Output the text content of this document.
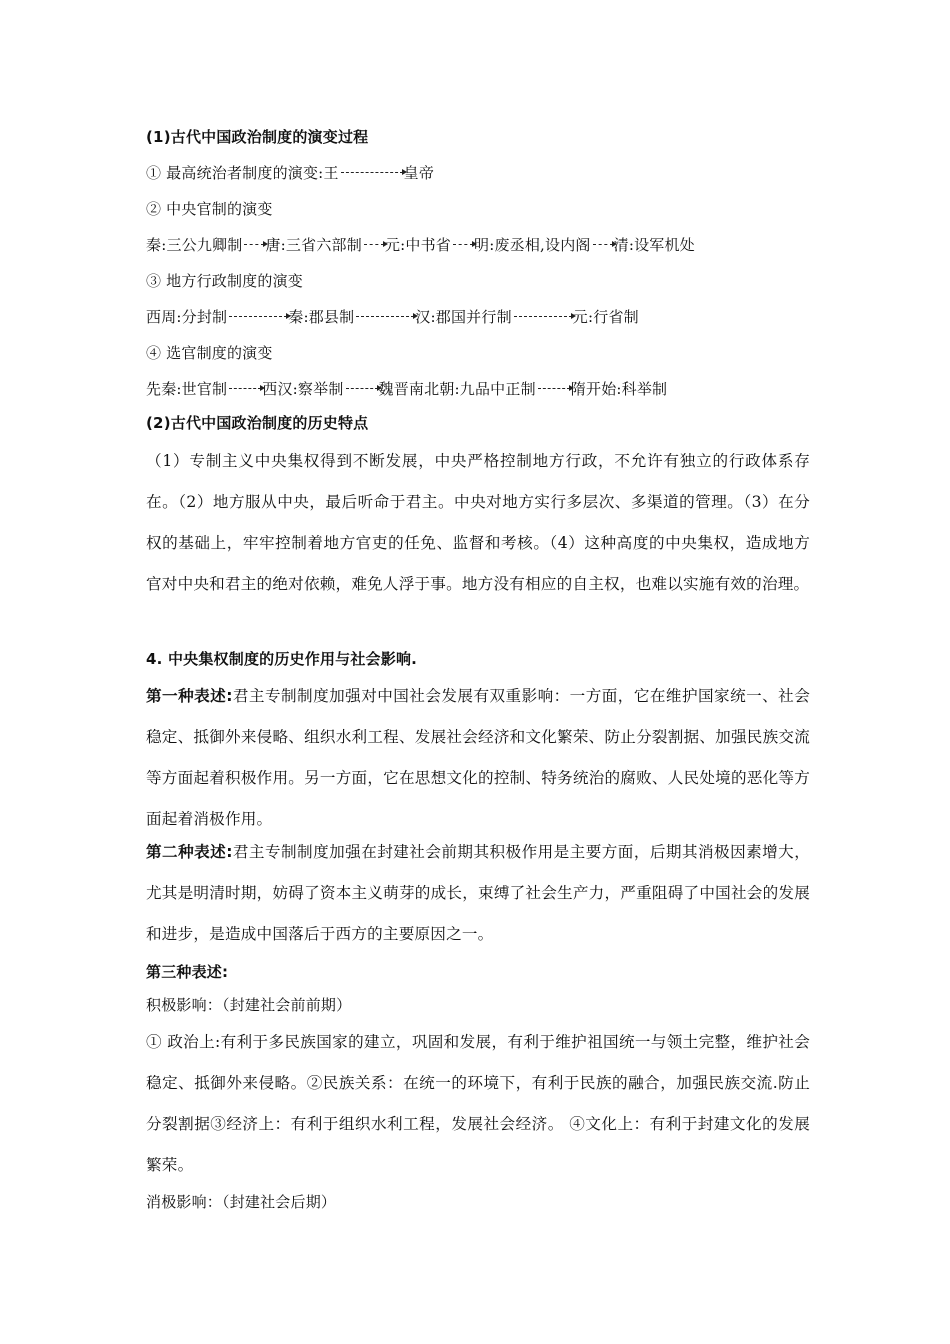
(1)古代中国政治制度的演变过程
① 最高统治者制度的演变:王	皇帝
② 中央官制的演变
秦:三公九卿制 唐:三省六部制 元:中书省 明:废丞相,设内阁 清:设军机处
③ 地方行政制度的演变
西周:分封制	秦:郡县制	汉:郡国并行制	元:行省制
④ 选官制度的演变
先秦:世官制 西汉:察举制 魏晋南北朝:九品中正制 隋开始:科举制
(2)古代中国政治制度的历史特点
（1）专制主义中央集权得到不断发展，中央严格控制地方行政，不允许有独立的行政体系存在。（2）地方服从中央，最后听命于君主。中央对地方实行多层次、多渠道的管理。（3）在分权的基础上，牢牢控制着地方官吏的任免、监督和考核。（4）这种高度的中央集权，造成地方官对中央和君主的绝对依赖，难免人浮于事。地方没有相应的自主权，也难以实施有效的治理。
4. 中央集权制度的历史作用与社会影响.
第一种表述:君主专制制度加强对中国社会发展有双重影响：一方面，它在维护国家统一、社会稳定、抵御外来侵略、组织水利工程、发展社会经济和文化繁荣、防止分裂割据、加强民族交流等方面起着积极作用。另一方面，它在思想文化的控制、特务统治的腐败、人民处境的恶化等方面起着消极作用。
第二种表述:君主专制制度加强在封建社会前期其积极作用是主要方面，后期其消极因素增大，尤其是明清时期，妨碍了资本主义萌芽的成长，束缚了社会生产力，严重阻碍了中国社会的发展和进步，是造成中国落后于西方的主要原因之一。
第三种表述:
积极影响：（封建社会前前期）
① 政治上:有利于多民族国家的建立，巩固和发展，有利于维护祖国统一与领土完整，维护社会稳定、抵御外来侵略。②民族关系：在统一的环境下，有利于民族的融合，加强民族交流.防止分裂割据③经济上：有利于组织水利工程，发展社会经济。 ④文化上：有利于封建文化的发展繁荣。
消极影响：（封建社会后期）
